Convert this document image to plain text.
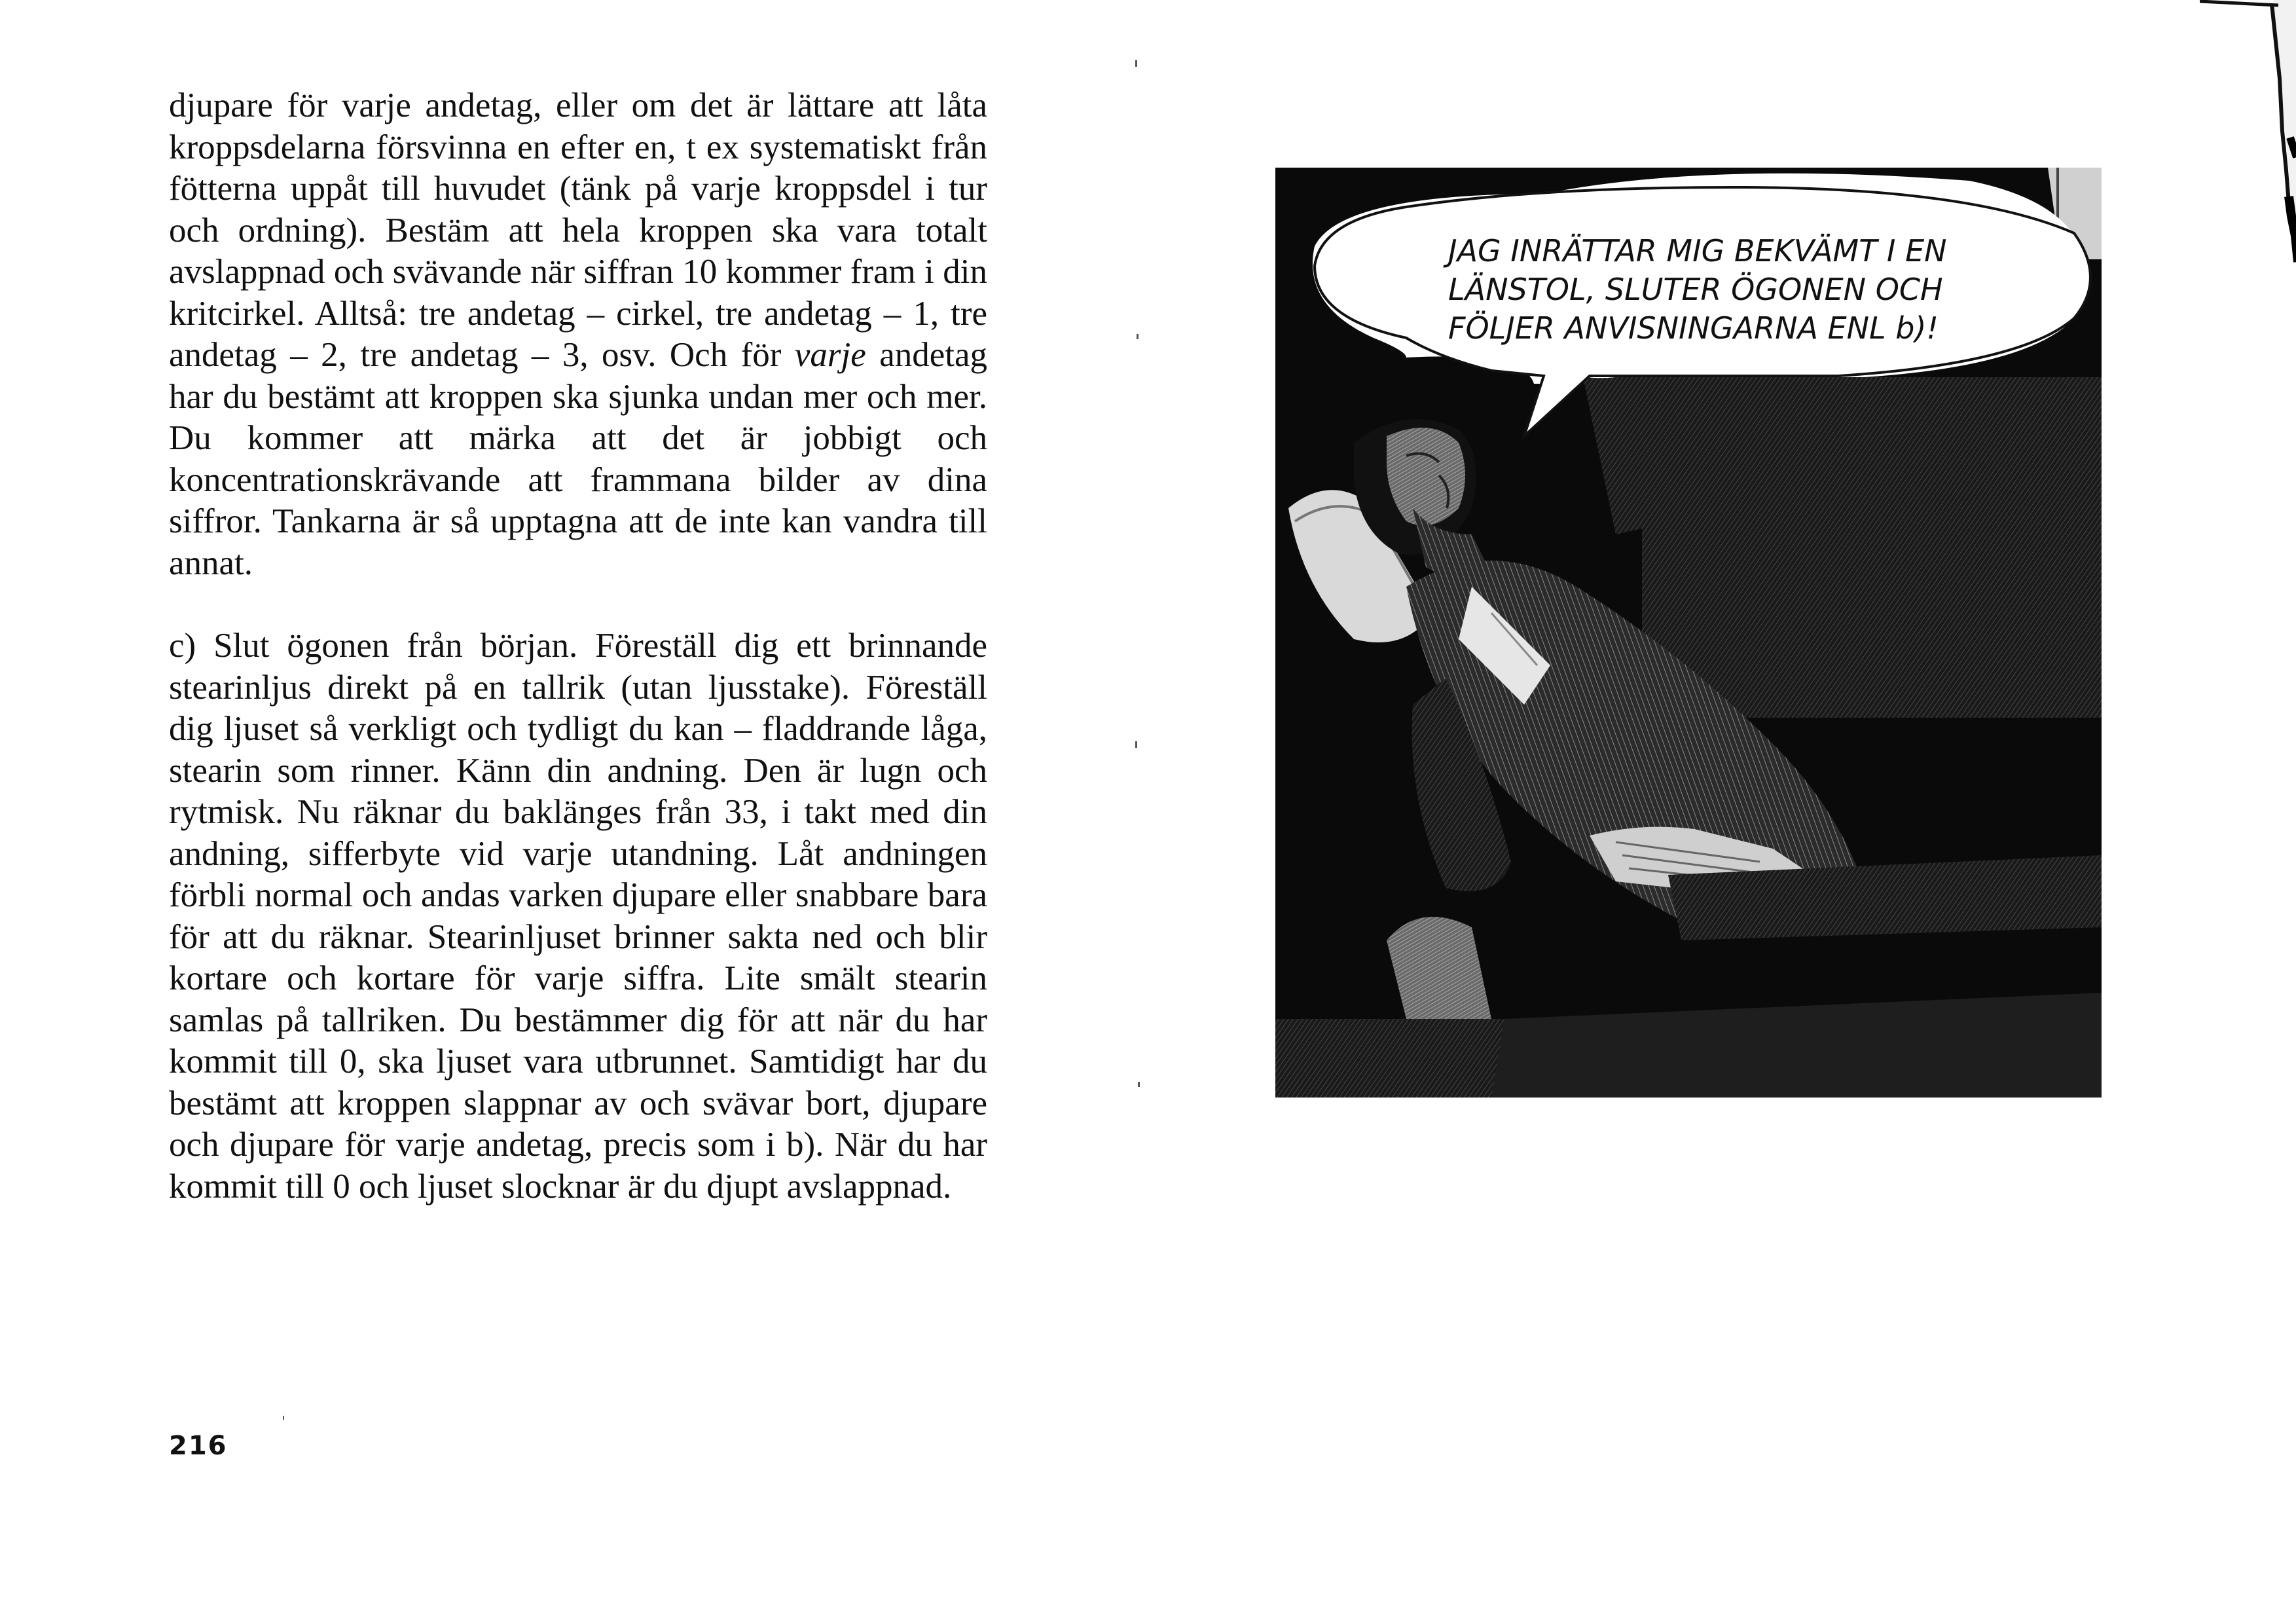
djupare för varje andetag, eller om det är lättare att låta kroppsdelarna försvinna en efter en, t ex systematiskt från fötterna uppåt till huvudet (tänk på varje kroppsdel i tur och ordning). Bestäm att hela kroppen ska vara totalt avslappnad och svävande när siffran 10 kommer fram i din kritcirkel. Alltså: tre andetag – cirkel, tre andetag – 1, tre andetag – 2, tre andetag – 3, osv. Och för varje andetag har du bestämt att kroppen ska sjunka undan mer och mer. Du kommer att märka att det är jobbigt och koncentrationskrävande att frammana bilder av dina siffror. Tankarna är så upptagna att de inte kan vandra till annat.

c) Slut ögonen från början. Föreställ dig ett brinnande stearinljus direkt på en tallrik (utan ljusstake). Föreställ dig ljuset så verkligt och tydligt du kan – fladdrande låga, stearin som rinner. Känn din andning. Den är lugn och rytmisk. Nu räknar du baklänges från 33, i takt med din andning, sifferbyte vid varje utandning. Låt andningen förbli normal och andas varken djupare eller snabbare bara för att du räknar. Stearinljuset brinner sakta ned och blir kortare och kortare för varje siffra. Lite smält stearin samlas på tallriken. Du bestämmer dig för att när du har kommit till 0, ska ljuset vara utbrunnet. Samtidigt har du bestämt att kroppen slappnar av och svävar bort, djupare och djupare för varje andetag, precis som i b). När du har kommit till 0 och ljuset slocknar är du djupt avslappnad.

216
JAG INRÄTTAR MIG BEKVÄMT I EN
LÄNSTOL, SLUTER ÖGONEN OCH
FÖLJER ANVISNINGARNA ENL b)!
